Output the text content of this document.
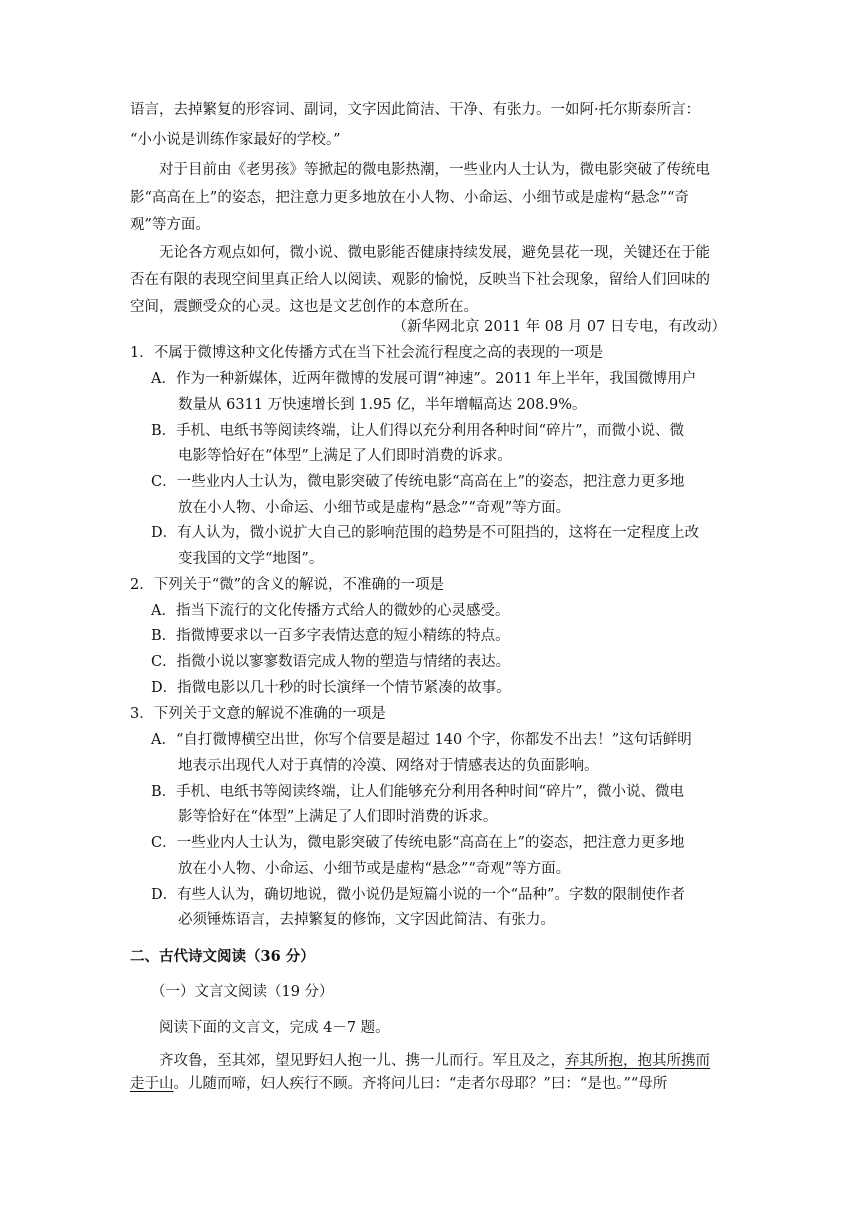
语言，去掉繁复的形容词、副词，文字因此简洁、干净、有张力。一如阿·托尔斯泰所言：
“小小说是训练作家最好的学校。”
对于目前由《老男孩》等掀起的微电影热潮，一些业内人士认为，微电影突破了传统电
影“高高在上”的姿态，把注意力更多地放在小人物、小命运、小细节或是虚构“悬念”“奇
观”等方面。
无论各方观点如何，微小说、微电影能否健康持续发展，避免昙花一现，关键还在于能
否在有限的表现空间里真正给人以阅读、观影的愉悦，反映当下社会现象，留给人们回味的
空间，震颤受众的心灵。这也是文艺创作的本意所在。
（新华网北京 2011 年 08 月 07 日专电，有改动）
1．不属于微博这种文化传播方式在当下社会流行程度之高的表现的一项是
A．作为一种新媒体，近两年微博的发展可谓“神速”。2011 年上半年，我国微博用户
数量从 6311 万快速增长到 1.95 亿，半年增幅高达 208.9%。
B．手机、电纸书等阅读终端，让人们得以充分利用各种时间“碎片”，而微小说、微
电影等恰好在“体型”上满足了人们即时消费的诉求。
C．一些业内人士认为，微电影突破了传统电影“高高在上”的姿态，把注意力更多地
放在小人物、小命运、小细节或是虚构“悬念”“奇观”等方面。
D．有人认为，微小说扩大自己的影响范围的趋势是不可阻挡的，这将在一定程度上改
变我国的文学“地图”。
2．下列关于“微”的含义的解说，不准确的一项是
A．指当下流行的文化传播方式给人的微妙的心灵感受。
B．指微博要求以一百多字表情达意的短小精练的特点。
C．指微小说以寥寥数语完成人物的塑造与情绪的表达。
D．指微电影以几十秒的时长演绎一个情节紧凑的故事。
3．下列关于文意的解说不准确的一项是
A．“自打微博横空出世，你写个信要是超过 140 个字，你都发不出去！”这句话鲜明
地表示出现代人对于真情的冷漠、网络对于情感表达的负面影响。
B．手机、电纸书等阅读终端，让人们能够充分利用各种时间“碎片”，微小说、微电
影等恰好在“体型”上满足了人们即时消费的诉求。
C．一些业内人士认为，微电影突破了传统电影“高高在上”的姿态，把注意力更多地
放在小人物、小命运、小细节或是虚构“悬念”“奇观”等方面。
D．有些人认为，确切地说，微小说仍是短篇小说的一个“品种”。字数的限制使作者
必须锤炼语言，去掉繁复的修饰，文字因此简洁、有张力。
二、古代诗文阅读（36 分）
（一）文言文阅读（19 分）
阅读下面的文言文，完成 4－7 题。
齐攻鲁，至其郊，望见野妇人抱一儿、携一儿而行。军且及之，弃其所抱，抱其所携而
走于山。儿随而啼，妇人疾行不顾。齐将问儿曰：“走者尔母耶？”曰：“是也。”“母所
